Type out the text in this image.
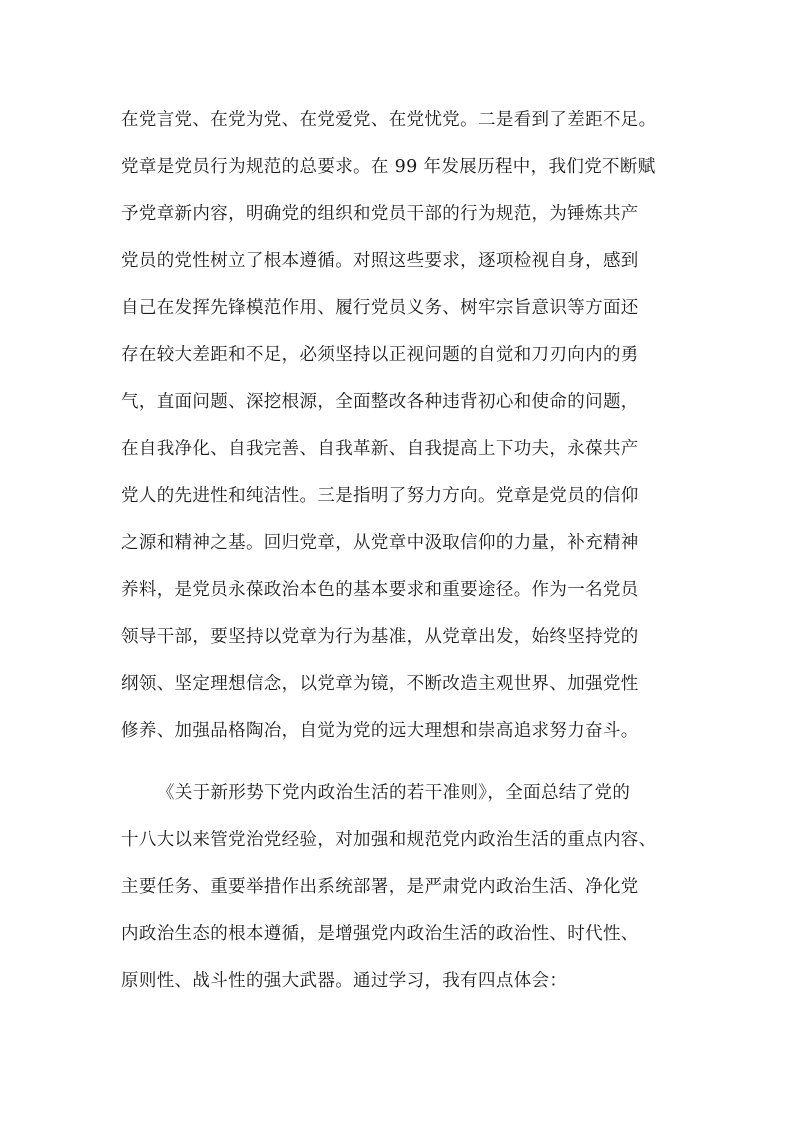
在党言党、在党为党、在党爱党、在党忧党。二是看到了差距不足。
党章是党员行为规范的总要求。在 99 年发展历程中，我们党不断赋
予党章新内容，明确党的组织和党员干部的行为规范，为锤炼共产
党员的党性树立了根本遵循。对照这些要求，逐项检视自身，感到
自己在发挥先锋模范作用、履行党员义务、树牢宗旨意识等方面还
存在较大差距和不足，必须坚持以正视问题的自觉和刀刃向内的勇
气，直面问题、深挖根源，全面整改各种违背初心和使命的问题，
在自我净化、自我完善、自我革新、自我提高上下功夫，永葆共产
党人的先进性和纯洁性。三是指明了努力方向。党章是党员的信仰
之源和精神之基。回归党章，从党章中汲取信仰的力量，补充精神
养料，是党员永葆政治本色的基本要求和重要途径。作为一名党员
领导干部，要坚持以党章为行为基准，从党章出发，始终坚持党的
纲领、坚定理想信念，以党章为镜，不断改造主观世界、加强党性
修养、加强品格陶冶，自觉为党的远大理想和崇高追求努力奋斗。
《关于新形势下党内政治生活的若干准则》，全面总结了党的
十八大以来管党治党经验，对加强和规范党内政治生活的重点内容、
主要任务、重要举措作出系统部署，是严肃党内政治生活、净化党
内政治生态的根本遵循，是增强党内政治生活的政治性、时代性、
原则性、战斗性的强大武器。通过学习，我有四点体会：
